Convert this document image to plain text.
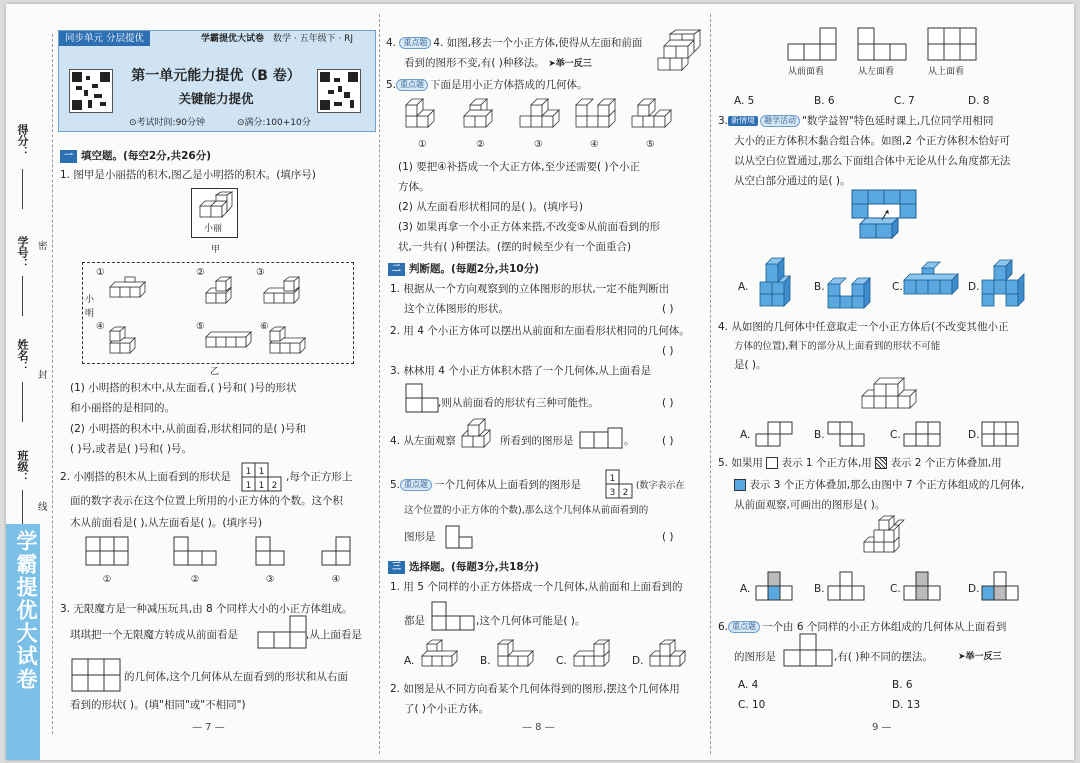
得分：
学号：
姓名：
班级：
密
封
线
学霸提优大试卷
同步单元 分层提优	学霸提优大试卷 数学 · 五年级下 · RJ
第一单元能力提优（B 卷）
关键能力提优
⊙考试时间:90分钟	⊙满分:100+10分
一 填空题。(每空2分,共26分)
1. 图甲是小丽搭的积木,图乙是小明搭的积木。(填序号)
小丽
甲
小明
①	②	③
④	⑤	⑥
乙
(1) 小明搭的积木中,从左面看,( )号和( )号的形状
和小丽搭的是相同的。
(2) 小明搭的积木中,从前面看,形状相同的是( )号和
( )号,或者是( )号和( )号。
2. 小刚搭的积木从上面看到的形状是 1 1
1 1 2
,每个正方形上
面的数字表示在这个位置上所用的小正方体的个数。这个积
木从前面看是( ),从左面看是( )。(填序号)
①	②	③	④
3. 无限魔方是一种减压玩具,由 8 个同样大小的小正方体组成。
琪琪把一个无限魔方转成从前面看是	,从上面看是
的几何体,这个几何体从左面看到的形状和从右面
看到的形状( )。(填"相同"或"不相同")
— 7 —
4. 重点题 4. 如图,移去一个小正方体,使得从左面和前面
看到的图形不变,有( )种移法。 ➤举一反三
5. 重点题 下面是用小正方体搭成的几何体。
①	②	③	④	⑤
(1) 要把④补搭成一个大正方体,至少还需要( )个小正
方体。
(2) 从左面看形状相同的是( )。(填序号)
(3) 如果再拿一个小正方体来搭,不改变⑤从前面看到的形
状,一共有( )种摆法。(摆的时候至少有一个面重合)
二 判断题。(每题2分,共10分)
1. 根据从一个方向观察到的立体图形的形状,一定不能判断出
这个立体图形的形状。	( )
2. 用 4 个小正方体可以摆出从前面和左面看形状相同的几何体。
( )
3. 林林用 4 个小正方体积木搭了一个几何体,从上面看是
,则从前面看的形状有三种可能性。	( )
4. 从左面观察	所看到的图形是	。	( )
5. 重点题 一个几何体从上面看到的图形是	1
3 2
(数字表示在
这个位置的小正方体的个数),那么这个几何体从前面看到的
图形是	( )
三 选择题。(每题3分,共18分)
1. 用 5 个同样的小正方体搭成一个几何体,从前面和上面看到的
都是	,这个几何体可能是( )。
A.	B.	C.	D.
2. 如图是从不同方向看某个几何体得到的图形,摆这个几何体用
了( )个小正方体。
— 8 —
从前面看	从左面看	从上面看
A. 5	B. 6	C. 7	D. 8
3. 新情境 趣学活动 "数学益智"特色延时课上,几位同学用相同
大小的正方体积木黏合组合体。如图,2 个正方体积木恰好可
以从空白位置通过,那么下面组合体中无论从什么角度都无法
从空白部分通过的是( )。
A.	B.	C.	D.
4. 从如图的几何体中任意取走一个小正方体后(不改变其他小正
方体的位置),剩下的部分从上面看到的形状不可能
是( )。
A.	B.	C.	D.
5. 如果用 表示 1 个正方体,用 表示 2 个正方体叠加,用
表示 3 个正方体叠加,那么由图中 7 个正方体组成的几何体,
从前面观察,可画出的图形是( )。
A.	B.	C.	D.
6. 重点题 一个由 6 个同样的小正方体组成的几何体从上面看到
的图形是	,有( )种不同的摆法。	➤举一反三
A. 4	B. 6
C. 10	D. 13
9 —
